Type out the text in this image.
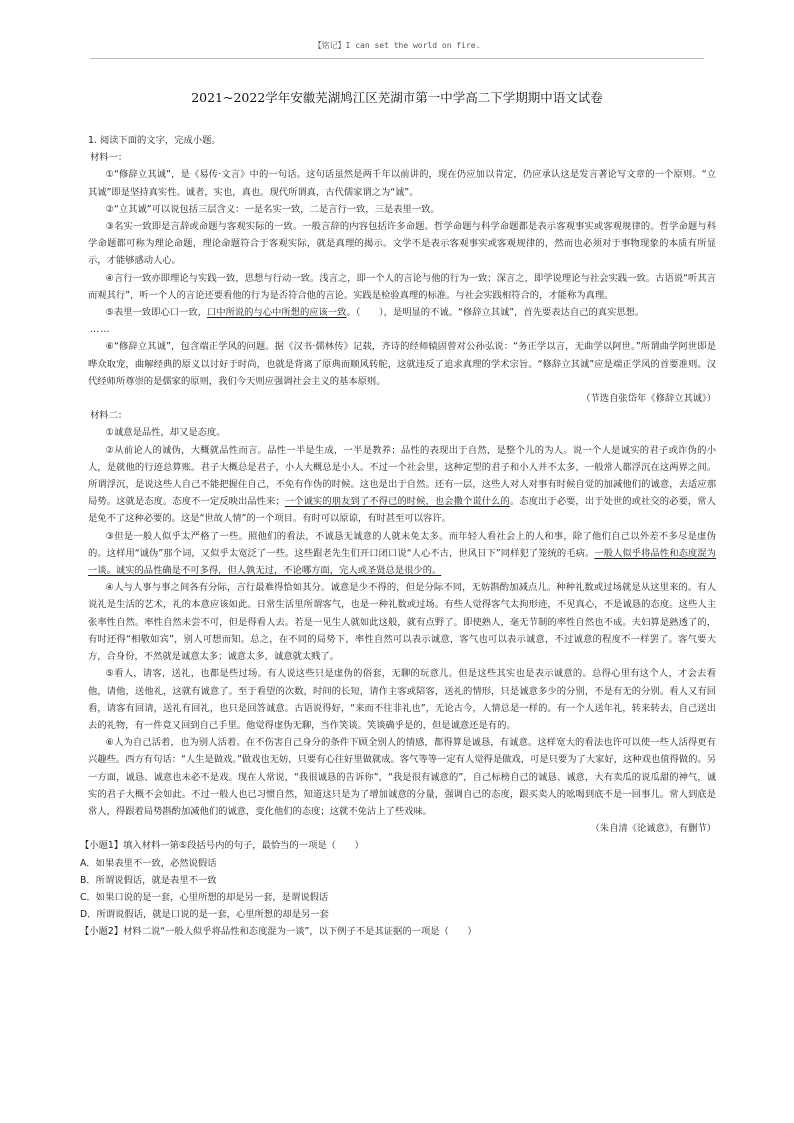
【铭记】I can set the world on fire.
2021~2022学年安徽芜湖鸠江区芜湖市第一中学高二下学期期中语文试卷

1. 阅读下面的文字，完成小题。

材料一：

①“修辞立其诚”，是《易传·文言》中的一句话。这句话虽然是两千年以前讲的，现在仍应加以肯定，仍应承认这是发言著论写文章的一个原则。“立其诚”即是坚持真实性。诚者，实也，真也。现代所谓真，古代儒家谓之为“诚”。

②“立其诚”可以说包括三层含义：一是名实一致，二是言行一致，三是表里一致。

③名实一致即是言辞或命题与客观实际的一致。一般言辞的内容包括许多命题。哲学命题与科学命题都是表示客观事实或客观规律的。哲学命题与科学命题都可称为理论命题，理论命题符合于客观实际，就是真理的揭示。文学不是表示客观事实或客观规律的，然而也必须对于事物现象的本质有所显示，才能够感动人心。

④言行一致亦即理论与实践一致，思想与行动一致。浅言之，即一个人的言论与他的行为一致；深言之，即学说理论与社会实践一致。古语说“听其言而观其行”，听一个人的言论还要看他的行为是否符合他的言论。实践是检验真理的标准。与社会实践相符合的，才能称为真理。

⑤表里一致即心口一致，口中所说的与心中所想的应该一致。（　　），是明显的不诚。“修辞立其诚”，首先要表达自己的真实思想。

……

⑥“修辞立其诚”，包含端正学风的问题。据《汉书·儒林传》记载，齐诗的经师辕固曾对公孙弘说：“务正学以言，无曲学以阿世。”所谓曲学阿世即是哗众取宠，曲解经典的原义以讨好于时尚，也就是背离了原典而顺风转舵，这就违反了追求真理的学术宗旨。“修辞立其诚”应是端正学风的首要准则。汉代经师所尊崇的是儒家的原则，我们今天则应强调社会主义的基本原则。

（节选自张岱年《修辞立其诚》）

材料二：

①诚意是品性，却又是态度。

②从前论人的诚伪，大概就品性而言。品性一半是生成，一半是教养；品性的表现出于自然，是整个儿的为人。说一个人是诚实的君子或诈伪的小人，是就他的行迹总算账。君子大概总是君子，小人大概总是小人。不过一个社会里，这种定型的君子和小人并不太多，一般常人都浮沉在这两界之间。所谓浮沉，是说这些人自己不能把握住自己，不免有作伪的时候。这也是出于自然。还有一层，这些人对人对事有时候自觉的加减他们的诚意，去适应那局势。这就是态度。态度不一定反映出品性来；一个诚实的朋友到了不得已的时候，也会撒个谎什么的。态度出于必要，出于处世的或社交的必要，常人是免不了这种必要的。这是“世故人情”的一个项目。有时可以原谅，有时甚至可以容许。

③但是一般人似乎太严格了一些。照他们的看法，不诚恳无诚意的人就未免太多。而年轻人看社会上的人和事，除了他们自己以外差不多尽是虚伪的。这样用“诚伪”那个词，又似乎太宽泛了一些。这些跟老先生们开口闭口说“人心不古，世风日下”同样犯了笼统的毛病。一般人似乎将品性和态度混为一谈。诚实的品性确是不可多得，但人孰无过，不论哪方面，完人或圣贤总是很少的。

④人与人事与事之间各有分际，言行最难得恰如其分。诚意是少不得的，但是分际不同，无妨斟酌加减点儿。种种礼数或过场就是从这里来的。有人说礼是生活的艺术，礼的本意应该如此。日常生活里所谓客气，也是一种礼数或过场。有些人觉得客气太拘形迹，不见真心，不是诚恳的态度。这些人主张率性自然。率性自然未尝不可，但是得看人去。若是一见生人就如此这般，就有点野了。即使熟人，毫无节制的率性自然也不成。夫妇算是熟透了的，有时还得“相敬如宾”，别人可想而知。总之，在不同的局势下，率性自然可以表示诚意，客气也可以表示诚意，不过诚意的程度不一样罢了。客气要大方，合身份，不然就是诚意太多；诚意太多，诚意就太贱了。

⑤看人，请客，送礼，也都是些过场。有人说这些只是虚伪的俗套，无聊的玩意儿。但是这些其实也是表示诚意的。总得心里有这个人，才会去看他，请他，送他礼，这就有诚意了。至于看望的次数，时间的长短，请作主客或陪客，送礼的情形，只是诚意多少的分别，不是有无的分别。看人又有回看，请客有回请，送礼有回礼，也只是回答诚意。古语说得好，“来而不往非礼也”，无论古今，人情总是一样的。有一个人送年礼，转来转去，自己送出去的礼物，有一件竟又回到自己手里。他觉得虚伪无聊，当作笑谈。笑谈确乎是的，但是诚意还是有的。

⑥人为自己活着，也为别人活着。在不伤害自己身分的条件下顾全别人的情感，都得算是诚恳，有诚意。这样宽大的看法也许可以使一些人活得更有兴趣些。西方有句话：“人生是做戏。”做戏也无妨，只要有心往好里做就成。客气等等一定有人觉得是做戏，可是只要为了大家好，这种戏也值得做的。另一方面，诚恳、诚意也未必不是戏。现在人常说，“我很诚恳的告诉你”，“我是很有诚意的”，自己标榜自己的诚恳、诚意，大有卖瓜的说瓜甜的神气，诚实的君子大概不会如此。不过一般人也已习惯自然，知道这只是为了增加诚意的分量，强调自己的态度，跟买卖人的吆喝到底不是一回事儿。常人到底是常人，得跟着局势斟酌加减他们的诚意，变化他们的态度；这就不免沾上了些戏味。

（朱自清《论诚意》，有删节）

【小题1】填入材料一第⑤段括号内的句子，最恰当的一项是（　　）

A．如果表里不一致，必然说假话

B．所谓说假话，就是表里不一致

C．如果口说的是一套，心里所想的却是另一套，是谓说假话

D．所谓说假话，就是口说的是一套，心里所想的却是另一套

【小题2】材料二说“一般人似乎将品性和态度混为一谈”，以下例子不是其证据的一项是（　　）
